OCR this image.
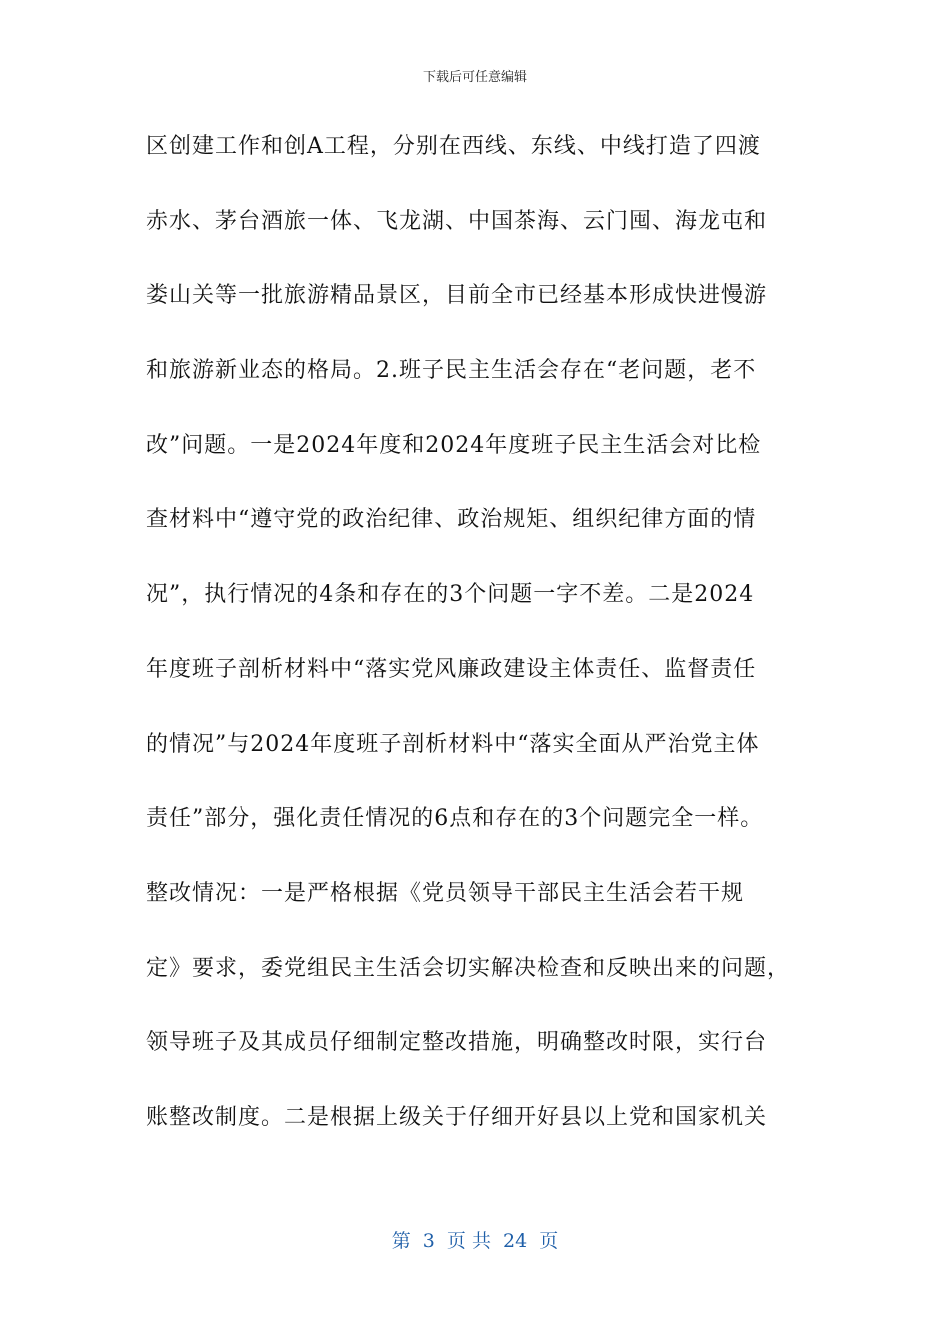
下载后可任意编辑
区创建工作和创A工程，分别在西线、东线、中线打造了四渡
赤水、茅台酒旅一体、飞龙湖、中国茶海、云门囤、海龙屯和
娄山关等一批旅游精品景区，目前全市已经基本形成快进慢游
和旅游新业态的格局。2.班子民主生活会存在“老问题，老不
改”问题。一是2024年度和2024年度班子民主生活会对比检
查材料中“遵守党的政治纪律、政治规矩、组织纪律方面的情
况”，执行情况的4条和存在的3个问题一字不差。二是2024
年度班子剖析材料中“落实党风廉政建设主体责任、监督责任
的情况”与2024年度班子剖析材料中“落实全面从严治党主体
责任”部分，强化责任情况的6点和存在的3个问题完全一样。
整改情况：一是严格根据《党员领导干部民主生活会若干规
定》要求，委党组民主生活会切实解决检查和反映出来的问题，
领导班子及其成员仔细制定整改措施，明确整改时限，实行台
账整改制度。二是根据上级关于仔细开好县以上党和国家机关
第  3  页 共  24  页
